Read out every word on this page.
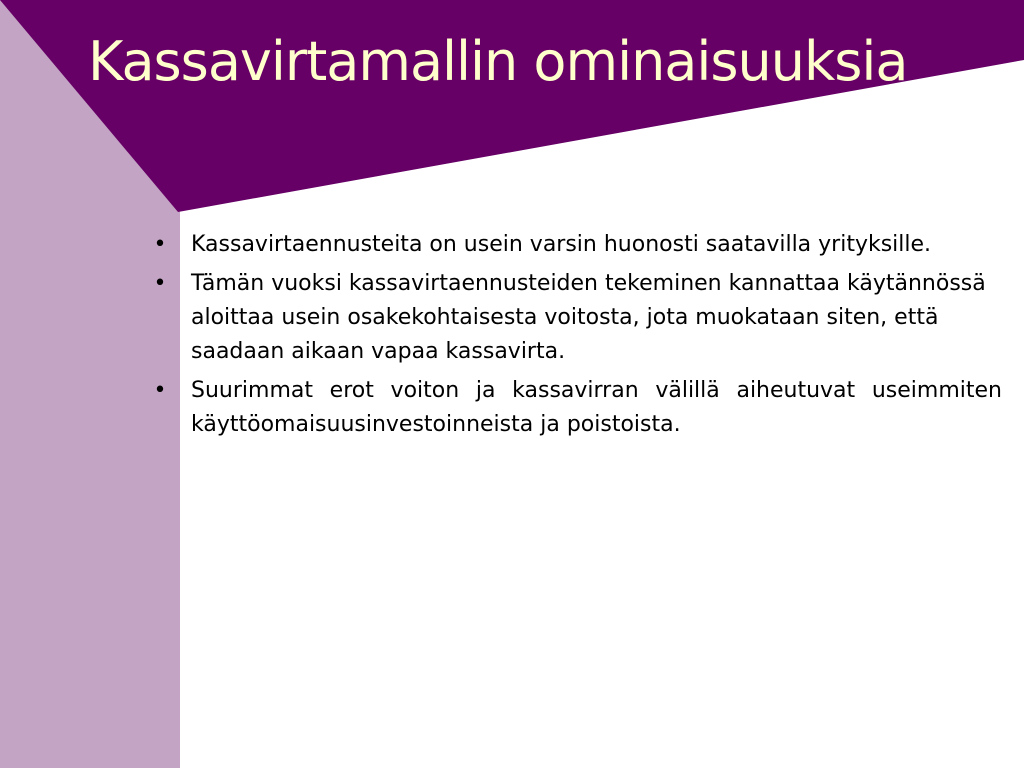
Kassavirtamallin ominaisuuksia
• Kassavirtaennusteita on usein varsin huonosti saatavilla yrityksille.
• Tämän vuoksi kassavirtaennusteiden tekeminen kannattaa käytännössä aloittaa usein osakekohtaisesta voitosta, jota muokataan siten, että saadaan aikaan vapaa kassavirta.
• Suurimmat erot voiton ja kassavirran välillä aiheutuvat useimmiten käyttöomaisuusinvestoinneista ja poistoista.
